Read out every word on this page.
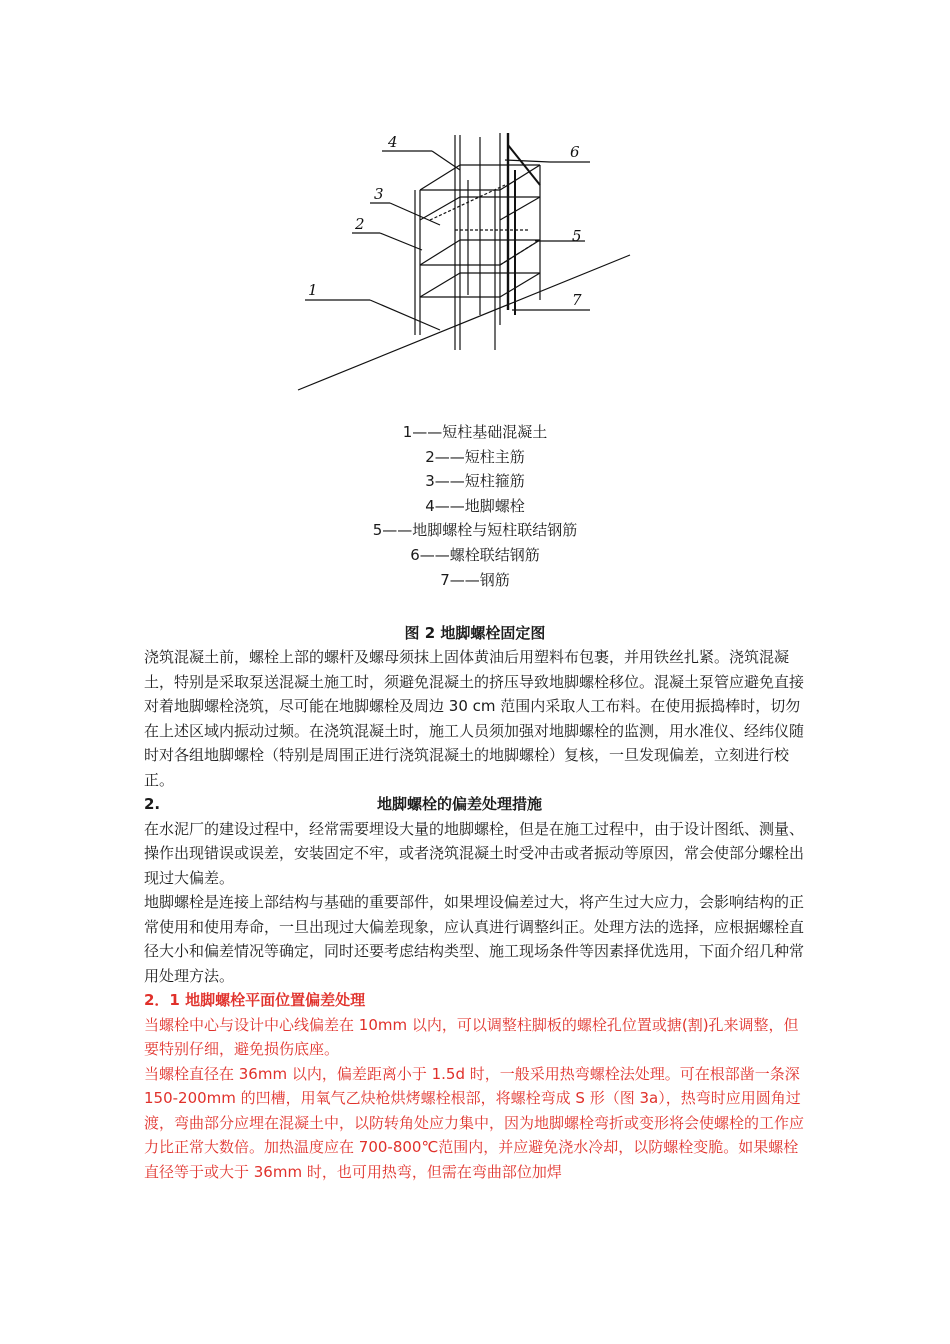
1
2
3
4
5
6
7
1——短柱基础混凝土
2——短柱主筋
3——短柱箍筋
4——地脚螺栓
5——地脚螺栓与短柱联结钢筋
6——螺栓联结钢筋
7——钢筋
图 2 地脚螺栓固定图

浇筑混凝土前，螺栓上部的螺杆及螺母须抹上固体黄油后用塑料布包裹，并用铁丝扎紧。浇筑混凝土，特别是采取泵送混凝土施工时，须避免混凝土的挤压导致地脚螺栓移位。混凝土泵管应避免直接对着地脚螺栓浇筑，尽可能在地脚螺栓及周边 30 cm 范围内采取人工布料。在使用振捣棒时，切勿在上述区域内振动过频。在浇筑混凝土时，施工人员须加强对地脚螺栓的监测，用水准仪、经纬仪随时对各组地脚螺栓（特别是周围正进行浇筑混凝土的地脚螺栓）复核，一旦发现偏差，立刻进行校正。

2.	地脚螺栓的偏差处理措施

在水泥厂的建设过程中，经常需要埋设大量的地脚螺栓，但是在施工过程中，由于设计图纸、测量、操作出现错误或误差，安装固定不牢，或者浇筑混凝土时受冲击或者振动等原因，常会使部分螺栓出现过大偏差。

地脚螺栓是连接上部结构与基础的重要部件，如果埋设偏差过大，将产生过大应力，会影响结构的正常使用和使用寿命，一旦出现过大偏差现象，应认真进行调整纠正。处理方法的选择，应根据螺栓直径大小和偏差情况等确定，同时还要考虑结构类型、施工现场条件等因素择优选用，下面介绍几种常用处理方法。

2．1 地脚螺栓平面位置偏差处理

当螺栓中心与设计中心线偏差在 10mm 以内，可以调整柱脚板的螺栓孔位置或搪(割)孔来调整，但要特别仔细，避免损伤底座。

当螺栓直径在 36mm 以内，偏差距离小于 1.5d 时，一般采用热弯螺栓法处理。可在根部凿一条深 150-200mm 的凹槽，用氧气乙炔枪烘烤螺栓根部，将螺栓弯成 S 形（图 3a），热弯时应用圆角过渡，弯曲部分应埋在混凝土中，以防转角处应力集中，因为地脚螺栓弯折或变形将会使螺栓的工作应力比正常大数倍。加热温度应在 700-800℃范围内，并应避免浇水冷却，以防螺栓变脆。如果螺栓直径等于或大于 36mm 时，也可用热弯，但需在弯曲部位加焊
